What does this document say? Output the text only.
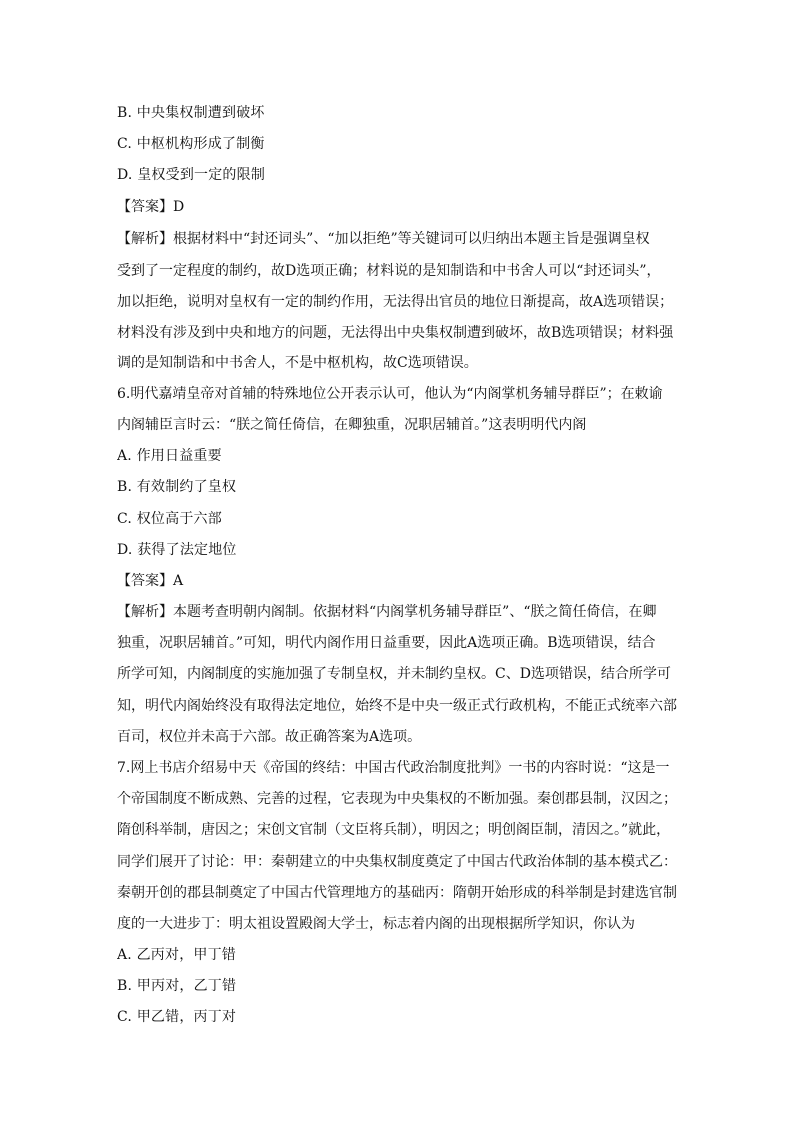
B. 中央集权制遭到破坏
C. 中枢机构形成了制衡
D. 皇权受到一定的限制
【答案】D
【解析】根据材料中“封还词头”、“加以拒绝”等关键词可以归纳出本题主旨是强调皇权
受到了一定程度的制约，故D选项正确；材料说的是知制诰和中书舍人可以“封还词头”，
加以拒绝，说明对皇权有一定的制约作用，无法得出官员的地位日渐提高，故A选项错误；
材料没有涉及到中央和地方的问题，无法得出中央集权制遭到破坏，故B选项错误；材料强
调的是知制诰和中书舍人，不是中枢机构，故C选项错误。
6.明代嘉靖皇帝对首辅的特殊地位公开表示认可，他认为“内阁掌机务辅导群臣”；在敕谕
内阁辅臣言时云：“朕之简任倚信，在卿独重，况职居辅首。”这表明明代内阁
A. 作用日益重要
B. 有效制约了皇权
C. 权位高于六部
D. 获得了法定地位
【答案】A
【解析】本题考查明朝内阁制。依据材料“内阁掌机务辅导群臣”、“朕之简任倚信，在卿
独重，况职居辅首。”可知，明代内阁作用日益重要，因此A选项正确。B选项错误，结合
所学可知，内阁制度的实施加强了专制皇权，并未制约皇权。C、D选项错误，结合所学可
知，明代内阁始终没有取得法定地位，始终不是中央一级正式行政机构，不能正式统率六部
百司，权位并未高于六部。故正确答案为A选项。
7.网上书店介绍易中天《帝国的终结：中国古代政治制度批判》一书的内容时说：“这是一
个帝国制度不断成熟、完善的过程，它表现为中央集权的不断加强。秦创郡县制，汉因之；
隋创科举制，唐因之；宋创文官制（文臣将兵制），明因之；明创阁臣制，清因之。”就此，
同学们展开了讨论：甲：秦朝建立的中央集权制度奠定了中国古代政治体制的基本模式乙：
秦朝开创的郡县制奠定了中国古代管理地方的基础丙：隋朝开始形成的科举制是封建选官制
度的一大进步丁：明太祖设置殿阁大学士，标志着内阁的出现根据所学知识，你认为
A. 乙丙对，甲丁错
B. 甲丙对，乙丁错
C. 甲乙错，丙丁对
